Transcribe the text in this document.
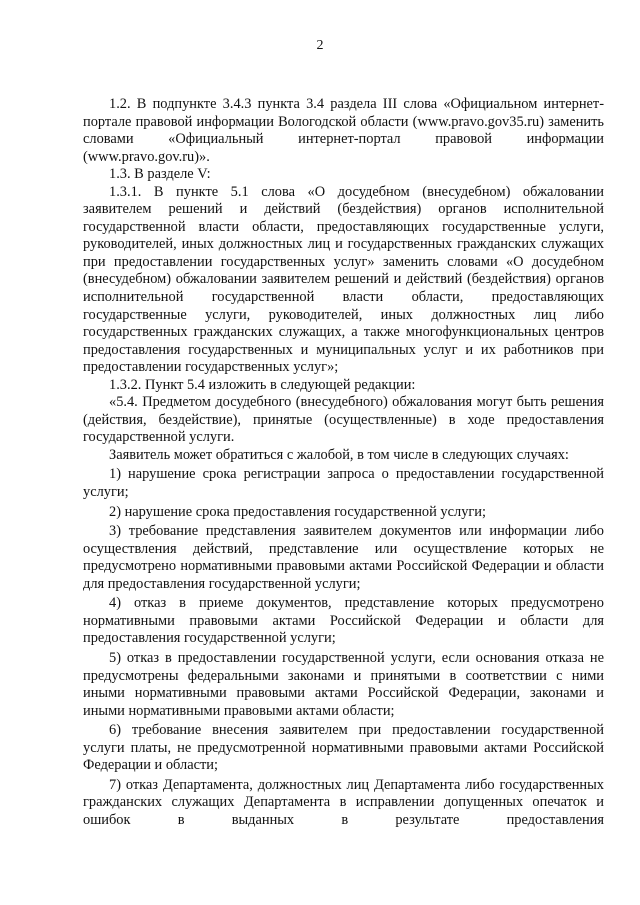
2

1.2. В подпункте 3.4.3 пункта 3.4 раздела III слова «Официальном интернет-портале правовой информации Вологодской области (www.pravo.gov35.ru) заменить словами «Официальный интернет-портал правовой информации (www.pravo.gov.ru)».

1.3. В разделе V:

1.3.1. В пункте 5.1 слова «О досудебном (внесудебном) обжаловании заявителем решений и действий (бездействия) органов исполнительной государственной власти области, предоставляющих государственные услуги, руководителей, иных должностных лиц и государственных гражданских служащих при предоставлении государственных услуг» заменить словами «О досудебном (внесудебном) обжаловании заявителем решений и действий (бездействия) органов исполнительной государственной власти области, предоставляющих государственные услуги, руководителей, иных должностных лиц либо государственных гражданских служащих, а также многофункциональных центров предоставления государственных и муниципальных услуг и их работников при предоставлении государственных услуг»;

1.3.2. Пункт 5.4 изложить в следующей редакции:

«5.4. Предметом досудебного (внесудебного) обжалования могут быть решения (действия, бездействие), принятые (осуществленные) в ходе предоставления государственной услуги.

Заявитель может обратиться с жалобой, в том числе в следующих случаях:

1) нарушение срока регистрации запроса о предоставлении государственной услуги;

2) нарушение срока предоставления государственной услуги;

3) требование представления заявителем документов или информации либо осуществления действий, представление или осуществление которых не предусмотрено нормативными правовыми актами Российской Федерации и области для предоставления государственной услуги;

4) отказ в приеме документов, представление которых предусмотрено нормативными правовыми актами Российской Федерации и области для предоставления государственной услуги;

5) отказ в предоставлении государственной услуги, если основания отказа не предусмотрены федеральными законами и принятыми в соответствии с ними иными нормативными правовыми актами Российской Федерации, законами и иными нормативными правовыми актами области;

6) требование внесения заявителем при предоставлении государственной услуги платы, не предусмотренной нормативными правовыми актами Российской Федерации и области;

7) отказ Департамента, должностных лиц Департамента либо государственных гражданских служащих Департамента в исправлении допущенных опечаток и ошибок в выданных в результате предоставления
